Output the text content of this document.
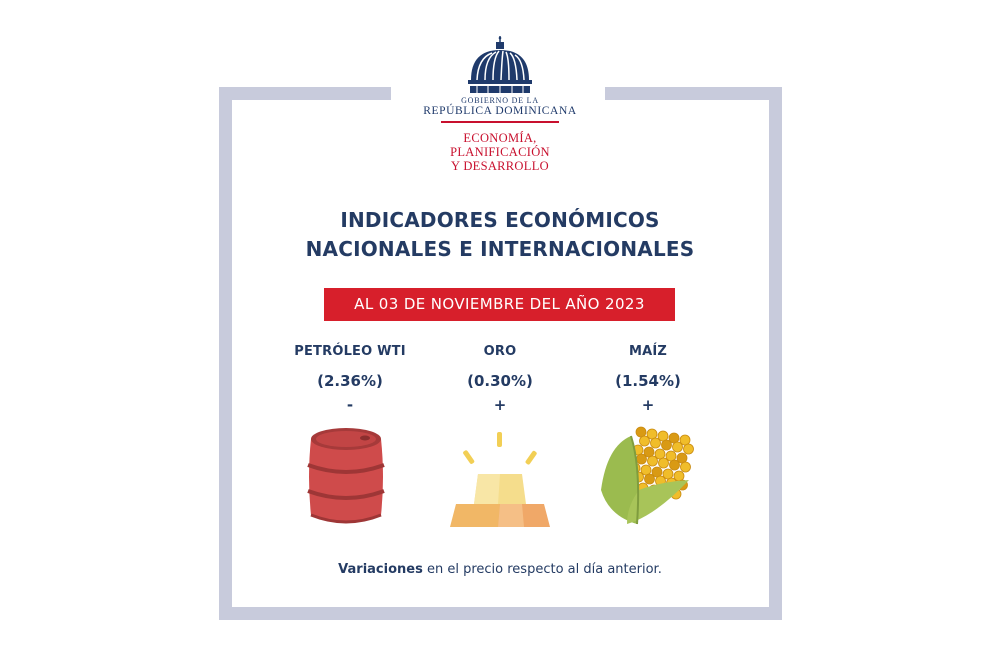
GOBIERNO DE LA
REPÚBLICA DOMINICANA
ECONOMÍA, PLANIFICACIÓN
Y DESARROLLO
INDICADORES ECONÓMICOS
NACIONALES E INTERNACIONALES
AL 03 DE NOVIEMBRE DEL AÑO 2023
PETRÓLEO WTI
(2.36%)
-
ORO
(0.30%)
+
MAÍZ
(1.54%)
+
Variaciones en el precio respecto al día anterior.
